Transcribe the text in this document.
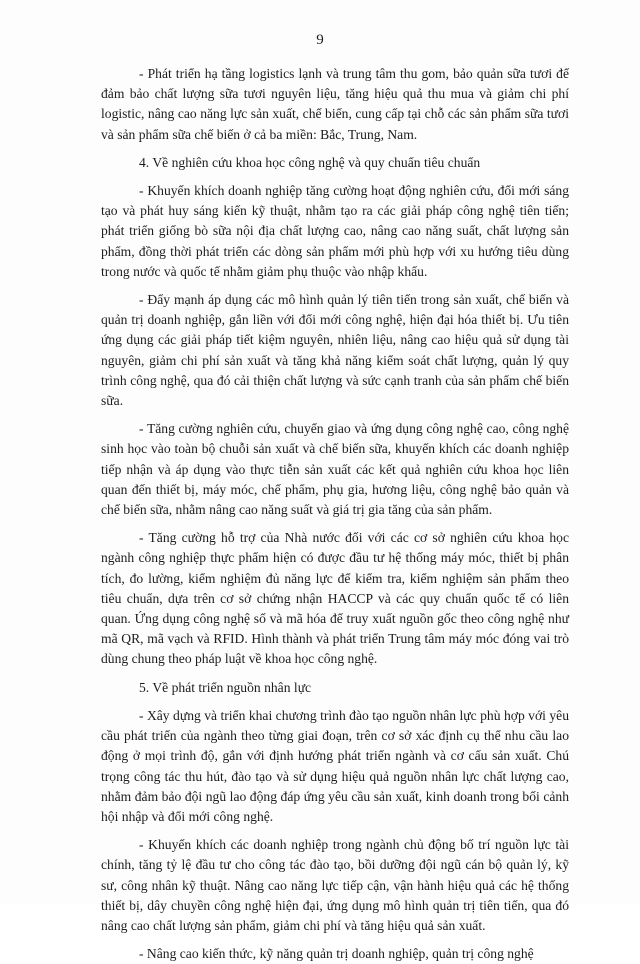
9

- Phát triển hạ tầng logistics lạnh và trung tâm thu gom, bảo quản sữa tươi để đảm bảo chất lượng sữa tươi nguyên liệu, tăng hiệu quả thu mua và giảm chi phí logistic, nâng cao năng lực sản xuất, chế biến, cung cấp tại chỗ các sản phẩm sữa tươi và sản phẩm sữa chế biến ở cả ba miền: Bắc, Trung, Nam.

4. Về nghiên cứu khoa học công nghệ và quy chuẩn tiêu chuẩn

- Khuyến khích doanh nghiệp tăng cường hoạt động nghiên cứu, đổi mới sáng tạo và phát huy sáng kiến kỹ thuật, nhằm tạo ra các giải pháp công nghệ tiên tiến; phát triển giống bò sữa nội địa chất lượng cao, nâng cao năng suất, chất lượng sản phẩm, đồng thời phát triển các dòng sản phẩm mới phù hợp với xu hướng tiêu dùng trong nước và quốc tế nhằm giảm phụ thuộc vào nhập khẩu.

- Đẩy mạnh áp dụng các mô hình quản lý tiên tiến trong sản xuất, chế biến và quản trị doanh nghiệp, gắn liền với đổi mới công nghệ, hiện đại hóa thiết bị. Ưu tiên ứng dụng các giải pháp tiết kiệm nguyên, nhiên liệu, nâng cao hiệu quả sử dụng tài nguyên, giảm chi phí sản xuất và tăng khả năng kiểm soát chất lượng, quản lý quy trình công nghệ, qua đó cải thiện chất lượng và sức cạnh tranh của sản phẩm chế biến sữa.

- Tăng cường nghiên cứu, chuyển giao và ứng dụng công nghệ cao, công nghệ sinh học vào toàn bộ chuỗi sản xuất và chế biến sữa, khuyến khích các doanh nghiệp tiếp nhận và áp dụng vào thực tiễn sản xuất các kết quả nghiên cứu khoa học liên quan đến thiết bị, máy móc, chế phẩm, phụ gia, hương liệu, công nghệ bảo quản và chế biến sữa, nhằm nâng cao năng suất và giá trị gia tăng của sản phẩm.

- Tăng cường hỗ trợ của Nhà nước đối với các cơ sở nghiên cứu khoa học ngành công nghiệp thực phẩm hiện có được đầu tư hệ thống máy móc, thiết bị phân tích, đo lường, kiểm nghiệm đủ năng lực để kiểm tra, kiểm nghiệm sản phẩm theo tiêu chuẩn, dựa trên cơ sở chứng nhận HACCP và các quy chuẩn quốc tế có liên quan. Ứng dụng công nghệ số và mã hóa để truy xuất nguồn gốc theo công nghệ như mã QR, mã vạch và RFID. Hình thành và phát triển Trung tâm máy móc đóng vai trò dùng chung theo pháp luật về khoa học công nghệ.

5. Về phát triển nguồn nhân lực

- Xây dựng và triển khai chương trình đào tạo nguồn nhân lực phù hợp với yêu cầu phát triển của ngành theo từng giai đoạn, trên cơ sở xác định cụ thể nhu cầu lao động ở mọi trình độ, gắn với định hướng phát triển ngành và cơ cấu sản xuất. Chú trọng công tác thu hút, đào tạo và sử dụng hiệu quả nguồn nhân lực chất lượng cao, nhằm đảm bảo đội ngũ lao động đáp ứng yêu cầu sản xuất, kinh doanh trong bối cảnh hội nhập và đổi mới công nghệ.

- Khuyến khích các doanh nghiệp trong ngành chủ động bố trí nguồn lực tài chính, tăng tỷ lệ đầu tư cho công tác đào tạo, bồi dưỡng đội ngũ cán bộ quản lý, kỹ sư, công nhân kỹ thuật. Nâng cao năng lực tiếp cận, vận hành hiệu quả các hệ thống thiết bị, dây chuyền công nghệ hiện đại, ứng dụng mô hình quản trị tiên tiến, qua đó nâng cao chất lượng sản phẩm, giảm chi phí và tăng hiệu quả sản xuất.

- Nâng cao kiến thức, kỹ năng quản trị doanh nghiệp, quản trị công nghệ
